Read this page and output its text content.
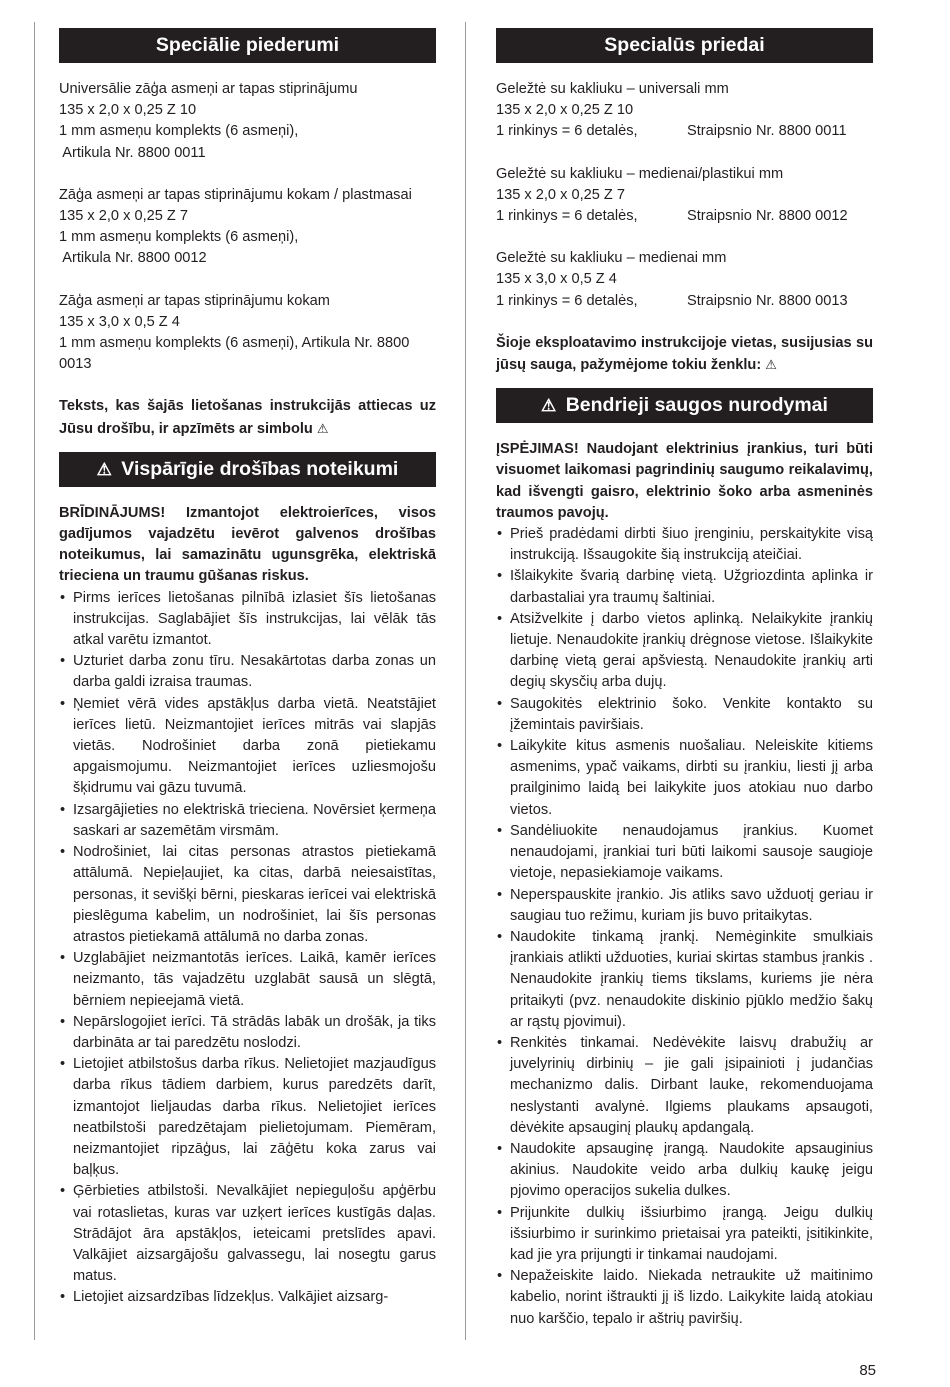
Speciālie piederumi
Universālie zāģa asmeņi ar tapas stiprinājumu
135 x 2,0 x 0,25 Z 10
1 mm asmeņu komplekts (6 asmeņi),
Artikula Nr. 8800 0011
Zāģa asmeņi ar tapas stiprinājumu kokam / plastmasai
135 x 2,0 x 0,25 Z 7
1 mm asmeņu komplekts (6 asmeņi),
Artikula Nr. 8800 0012
Zāģa asmeņi ar tapas stiprinājumu kokam
135 x 3,0 x 0,5 Z 4
1 mm asmeņu komplekts (6 asmeņi), Artikula Nr. 8800
0013
Teksts, kas šajās lietošanas instrukcijās attiecas uz Jūsu drošību, ir apzīmēts ar simbolu ⚠
⚠ Vispārīgie drošības noteikumi
BRĪDINĀJUMS! Izmantojot elektroierīces, visos gadījumos vajadzētu ievērot galvenos drošības noteikumus, lai samazinātu ugunsgrēka, elektriskā trieciena un traumu gūšanas riskus.
• Pirms ierīces lietošanas pilnībā izlasiet šīs lietošanas instrukcijas. Saglabājiet šīs instrukcijas, lai vēlāk tās atkal varētu izmantot.
• Uzturiet darba zonu tīru. Nesakārtotas darba zonas un darba galdi izraisa traumas.
• Ņemiet vērā vides apstākļus darba vietā. Neatstājiet ierīces lietū. Neizmantojiet ierīces mitrās vai slapjās vietās. Nodrošiniet darba zonā pietiekamu apgaismojumu. Neizmantojiet ierīces uzliesmojošu šķidrumu vai gāzu tuvumā.
• Izsargājieties no elektriskā trieciena. Novērsiet ķermeņa saskari ar sazemētām virsmām.
• Nodrošiniet, lai citas personas atrastos pietiekamā attālumā. Nepieļaujiet, ka citas, darbā neiesaistītas, personas, it sevišķi bērni, pieskaras ierīcei vai elektriskā pieslēguma kabelim, un nodrošiniet, lai šīs personas atrastos pietiekamā attālumā no darba zonas.
• Uzglabājiet neizmantotās ierīces. Laikā, kamēr ierīces neizmanto, tās vajadzētu uzglabāt sausā un slēgtā, bērniem nepieejamā vietā.
• Nepārslogojiet ierīci. Tā strādās labāk un drošāk, ja tiks darbināta ar tai paredzētu noslodzi.
• Lietojiet atbilstošus darba rīkus. Nelietojiet mazjaudīgus darba rīkus tādiem darbiem, kurus paredzēts darīt, izmantojot lieljaudas darba rīkus. Nelietojiet ierīces neatbilstoši paredzētajam pielietojumam. Piemēram, neizmantojiet ripzāģus, lai zāģētu koka zarus vai baļķus.
• Ģērbieties atbilstoši. Nevalkājiet nepieguļošu apģērbu vai rotaslietas, kuras var uzķert ierīces kustīgās daļas. Strādājot āra apstākļos, ieteicami pretslīdes apavi. Valkājiet aizsargājošu galvassegu, lai nosegtu garus matus.
• Lietojiet aizsardzības līdzekļus. Valkājiet aizsarg-
Specialūs priedai
Geležtė su kakliuku – universali mm
135 x 2,0 x 0,25 Z 10
1 rinkinys = 6 detalės,	Straipsnio Nr. 8800 0011
Geležtė su kakliuku – medienai/plastikui mm
135 x 2,0 x 0,25 Z 7
1 rinkinys = 6 detalės,	Straipsnio Nr. 8800 0012
Geležtė su kakliuku – medienai mm
135 x 3,0 x 0,5 Z 4
1 rinkinys = 6 detalės,	Straipsnio Nr. 8800 0013
Šioje eksploatavimo instrukcijoje vietas, susijusias su jūsų sauga, pažymėjome tokiu ženklu: ⚠
⚠ Bendrieji saugos nurodymai
ĮSPĖJIMAS! Naudojant elektrinius įrankius, turi būti visuomet laikomasi pagrindinių saugumo reikalavimų, kad išvengti gaisro, elektrinio šoko arba asmeninės traumos pavojų.
• Prieš pradėdami dirbti šiuo įrenginiu, perskaitykite visą instrukciją. Išsaugokite šią instrukciją ateičiai.
• Išlaikykite švarią darbinę vietą. Užgriozdinta aplinka ir darbastaliai yra traumų šaltiniai.
• Atsižvelkite į darbo vietos aplinką. Nelaikykite įrankių lietuje. Nenaudokite įrankių drėgnose vietose. Išlaikykite darbinę vietą gerai apšviestą. Nenaudokite įrankių arti degių skysčių arba dujų.
• Saugokitės elektrinio šoko. Venkite kontakto su įžemintais paviršiais.
• Laikykite kitus asmenis nuošaliau. Neleiskite kitiems asmenims, ypač vaikams, dirbti su įrankiu, liesti jį arba prailginimo laidą bei laikykite juos atokiau nuo darbo vietos.
• Sandėliuokite nenaudojamus įrankius. Kuomet nenaudojami, įrankiai turi būti laikomi sausoje saugioje vietoje, nepasiekiamoje vaikams.
• Neperspauskite įrankio. Jis atliks savo užduotį geriau ir saugiau tuo režimu, kuriam jis buvo pritaikytas.
• Naudokite tinkamą įrankį. Nemėginkite smulkiais įrankiais atlikti užduoties, kuriai skirtas stambus įrankis . Nenaudokite įrankių tiems tikslams, kuriems jie nėra pritaikyti (pvz. nenaudokite diskinio pjūklo medžio šakų ar rąstų pjovimui).
• Renkitės tinkamai. Nedėvėkite laisvų drabužių ar juvelyrinių dirbinių – jie gali įsipainioti į judančias mechanizmo dalis. Dirbant lauke, rekomenduojama neslystanti avalynė. Ilgiems plaukams apsaugoti, dėvėkite apsauginį plaukų apdangalą.
• Naudokite apsauginę įrangą. Naudokite apsauginius akinius. Naudokite veido arba dulkių kaukę jeigu pjovimo operacijos sukelia dulkes.
• Prijunkite dulkių išsiurbimo įrangą. Jeigu dulkių išsiurbimo ir surinkimo prietaisai yra pateikti, įsitikinkite, kad jie yra prijungti ir tinkamai naudojami.
• Nepažeiskite laido. Niekada netraukite už maitinimo kabelio, norint ištraukti jį iš lizdo. Laikykite laidą atokiau nuo karščio, tepalo ir aštrių paviršių.
85
